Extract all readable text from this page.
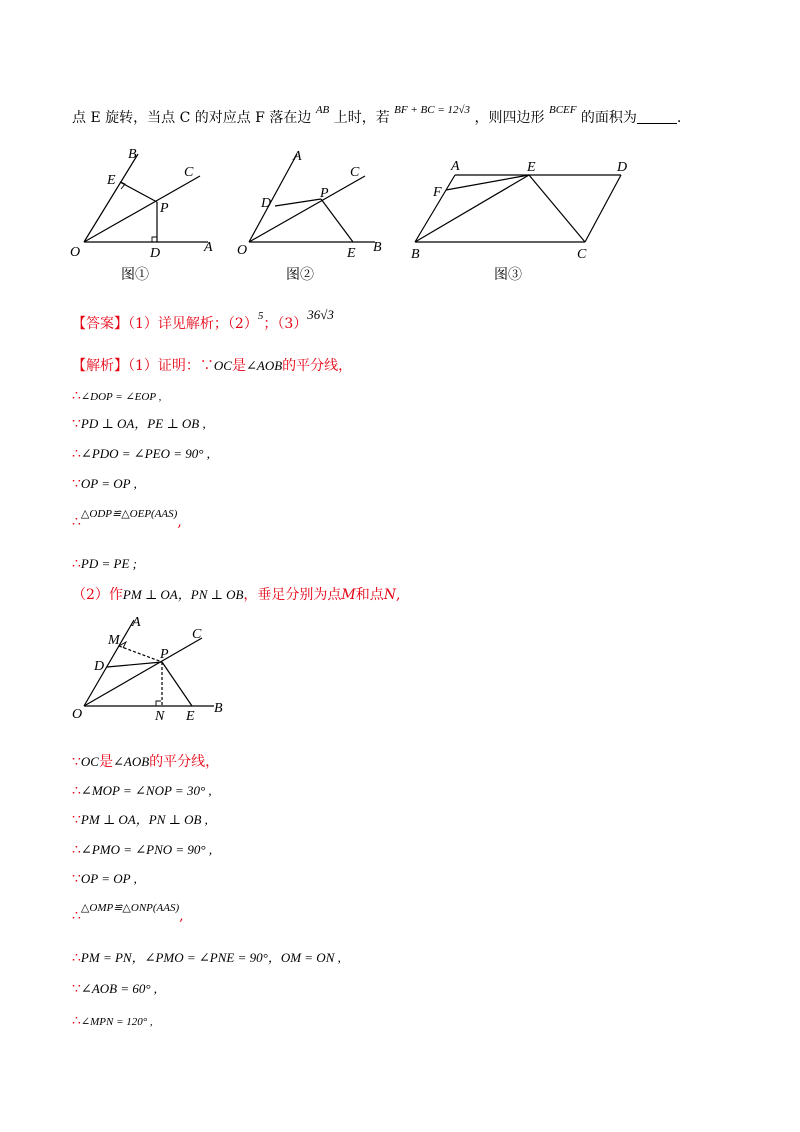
点 E 旋转，当点 C 的对应点 F 落在边 $^{AB}$ 上时，若 $^{BF + BC = 12√3}$ ，则四边形 $^{BCEF}$ 的面积为	.
B
E
C
P
O	D	A
图①
A
C
P
D
O	E B
图②
A	E	D
F
B	C
图③
【答案】（1）详见解析；$(2)^5$；（3）36√3
【解析】（1）证明：∵OC是∠AOB的平分线，
∴∠DOP = ∠EOP ,
∵PD ⊥ OA，PE ⊥ OB ,
∴∠PDO = ∠PEO = 90° ,
∵OP = OP ,
∴$^{\triangle ODP≌\triangle OEP(AAS)}$,
∴PD = PE ;
（2）作PM ⊥ OA，PN ⊥ OB，垂足分别为点M和点N,
M
A
C
D
P
O	N E
B
∵OC是∠AOB的平分线，
∴∠MOP = ∠NOP = 30° ,
∵PM ⊥ OA，PN ⊥ OB ,
∴∠PMO = ∠PNO = 90° ,
∵OP = OP ,
∴$^{\triangle OMP≌\triangle ONP(AAS)}$,
∴PM = PN，∠PMO = ∠PNE = 90°，OM = ON ,
∵∠AOB = 60° ,
∴∠MPN = 120° ,
